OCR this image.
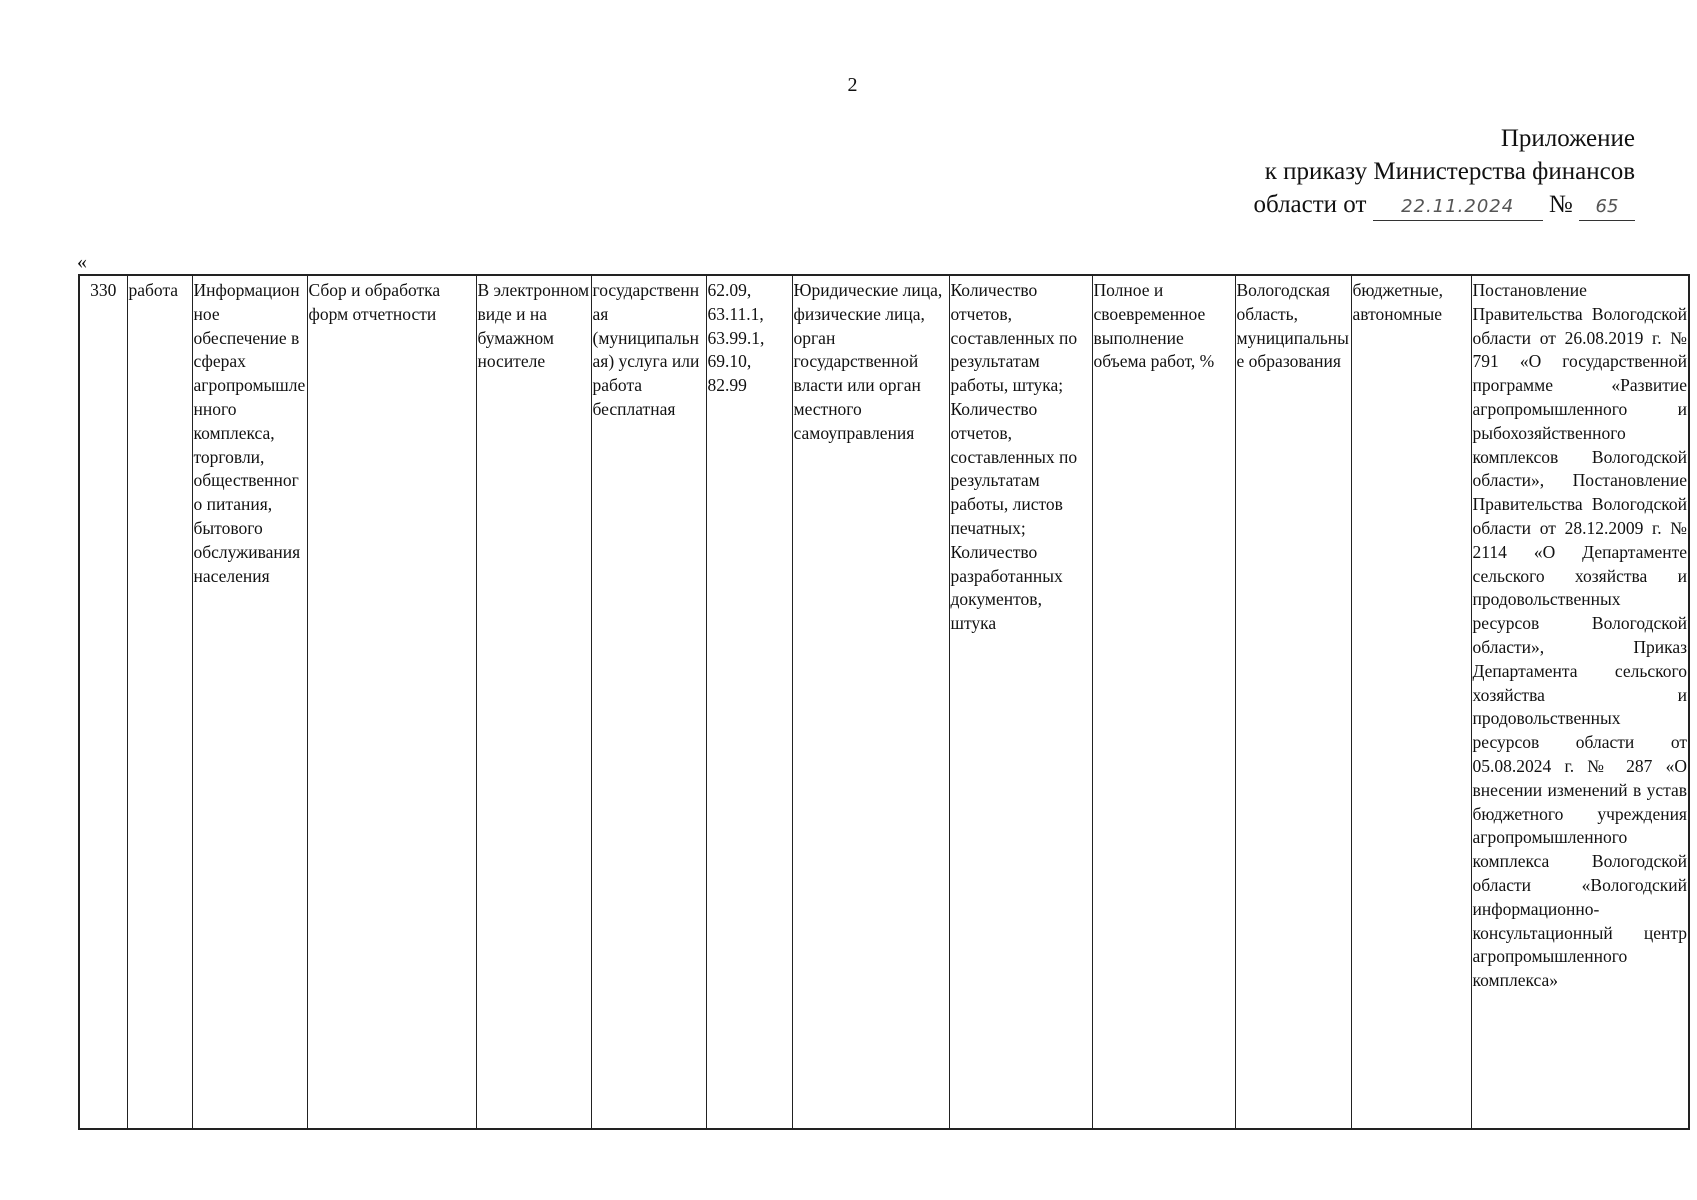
2
Приложение
к приказу Министерства финансов
области от 22.11.2024 № 65
«
330	работа	Информационное обеспечение в сферах агропромышленного комплекса, торговли, общественного питания, бытового обслуживания населения	Сбор и обработка форм отчетности	В электронном виде и на бумажном носителе	государственная (муниципальная) услуга или работа бесплатная	62.09, 63.11.1, 63.99.1, 69.10, 82.99	Юридические лица, физические лица, орган государственной власти или орган местного самоуправления	Количество отчетов, составленных по результатам работы, штука; Количество отчетов, составленных по результатам работы, листов печатных; Количество разработанных документов, штука	Полное и своевременное выполнение объема работ, %	Вологодская область, муниципальные образования	бюджетные, автономные	Постановление Правительства Вологодской области от 26.08.2019 г. № 791 «О государственной программе «Развитие агропромышленного и рыбохозяйственного комплексов Вологодской области», Постановление Правительства Вологодской области от 28.12.2009 г. № 2114 «О Департаменте сельского хозяйства и продовольственных ресурсов Вологодской области», Приказ Департамента сельского хозяйства и продовольственных ресурсов области от 05.08.2024 г. № 287 «О внесении изменений в устав бюджетного учреждения агропромышленного комплекса Вологодской области «Вологодский информационно-консультационный центр агропромышленного комплекса»
